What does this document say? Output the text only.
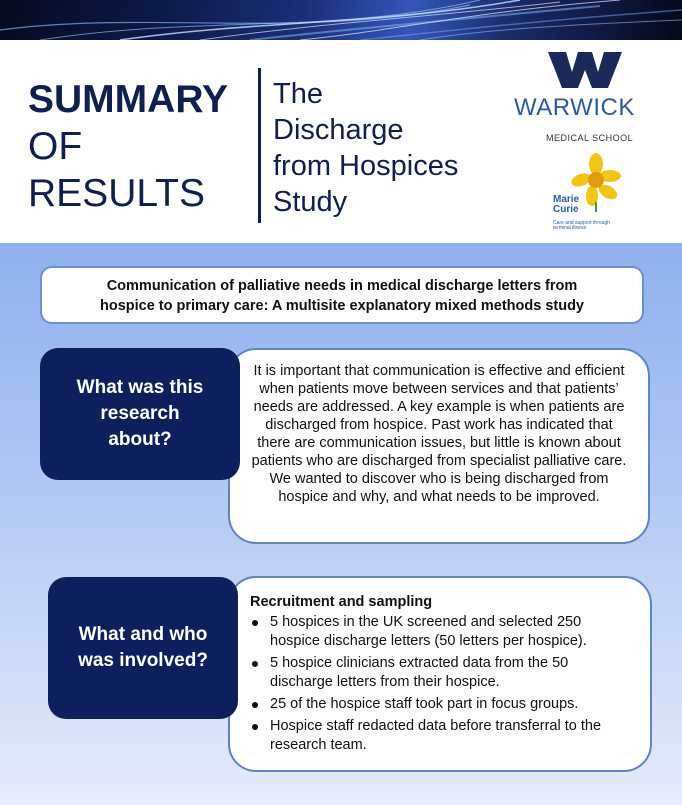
SUMMARY
OF
RESULTS
The
Discharge
from Hospices
Study
WARWICK
MEDICAL SCHOOL
Marie
Curie
Care and support through terminal illness
Communication of palliative needs in medical discharge letters from
hospice to primary care: A multisite explanatory mixed methods study
It is important that communication is effective and efficient when patients move between services and that patients’ needs are addressed. A key example is when patients are discharged from hospice. Past work has indicated that there are communication issues, but little is known about patients who are discharged from specialist palliative care. We wanted to discover who is being discharged from hospice and why, and what needs to be improved.
What was this
research
about?
Recruitment and sampling
5 hospices in the UK screened and selected 250 hospice discharge letters (50 letters per hospice).
5 hospice clinicians extracted data from the 50 discharge letters from their hospice.
25 of the hospice staff took part in focus groups.
Hospice staff redacted data before transferral to the research team.
What and who
was involved?
